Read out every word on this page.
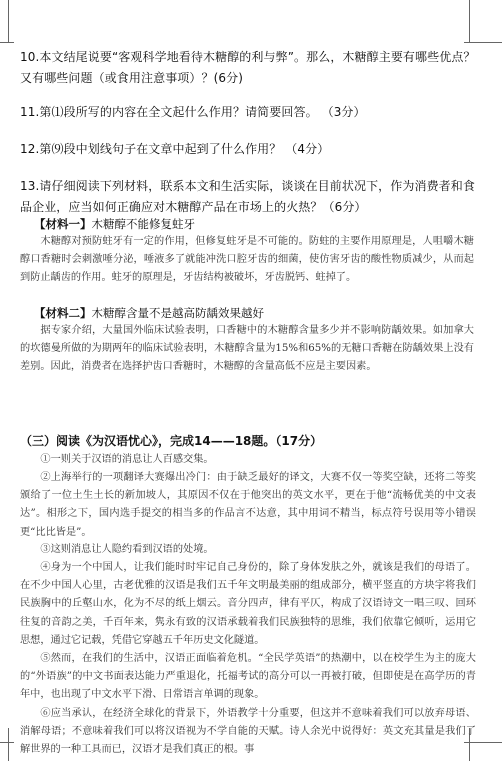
10.本文结尾说要“客观科学地看待木糖醇的利与弊”。那么，木糖醇主要有哪些优点？又有哪些问题（或食用注意事项）？(6分)
11.第⑴段所写的内容在全文起什么作用？请简要回答。 （3分）
12.第⑼段中划线句子在文章中起到了什么作用？ （4分）
13.请仔细阅读下列材料，联系本文和生活实际，谈谈在目前状况下，作为消费者和食品企业，应当如何正确应对木糖醇产品在市场上的火热？（6分）
【材料一】木糖醇不能修复蛀牙
木糖醇对预防蛀牙有一定的作用，但修复蛀牙是不可能的。防蛀的主要作用原理是，人咀嚼木糖醇口香糖时会刺激唾分泌，唾液多了就能冲洗口腔牙齿的细菌，使仿害牙齿的酸性物质减少，从而起到防止龋齿的作用。蛀牙的原理是，牙齿结构被破坏，牙齿脱钙、蛀掉了。
【材料二】木糖醇含量不是越高防龋效果越好
据专家介绍，大量国外临床试验表明，口香糖中的木糖醇含量多少并不影响防龋效果。如加拿大的坎德曼所做的为期两年的临床试验表明，木糖醇含量为15%和65%的无糖口香糖在防龋效果上没有差别。因此，消费者在选择护齿口香糖时，木糖醇的含量高低不应是主要因素。
（三）阅读《为汉语忧心》，完成14——18题。（17分）
①一则关于汉语的消息让人百感交集。
②上海举行的一项翻译大赛爆出冷门：由于缺乏最好的译文，大赛不仅一等奖空缺，还将二等奖颁给了一位土生土长的新加坡人，其原因不仅在于他突出的英文水平，更在于他“流畅优美的中文表达”。相形之下，国内选手提交的相当多的作品言不达意，其中用词不精当，标点符号误用等小错误更“比比皆是”。
③这则消息让人隐约看到汉语的处境。
④身为一个中国人，让我们能时时牢记自己身份的，除了身体发肤之外，就该是我们的母语了。在不少中国人心里，古老优雅的汉语是我们五千年文明最美丽的组成部分，横平竖直的方块字将我们民族胸中的丘壑山水，化为不尽的纸上烟云。音分四声，律有平仄，构成了汉语诗文一唱三叹、回环往复的音韵之美，千百年来，隽永有致的汉语承载着我们民族独特的思维，我们依靠它倾听，运用它思想，通过它记载，凭借它穿越五千年历史文化隧道。
⑤然而，在我们的生活中，汉语正面临着危机。“全民学英语”的热潮中，以在校学生为主的庞大的“外语族”的中文书面表达能力严重退化，托福考试的高分可以一再被打破，但即使是在高学历的青年中，也出现了中文水平下滑、日常语言单调的现象。
⑥应当承认，在经济全球化的背景下，外语教学十分重要，但这并不意味着我们可以放弃母语、消解母语；不意味着我们可以将汉语视为不学自能的天赋。诗人余光中说得好：英文充其量是我们了解世界的一种工具而已，汉语才是我们真正的根。事
